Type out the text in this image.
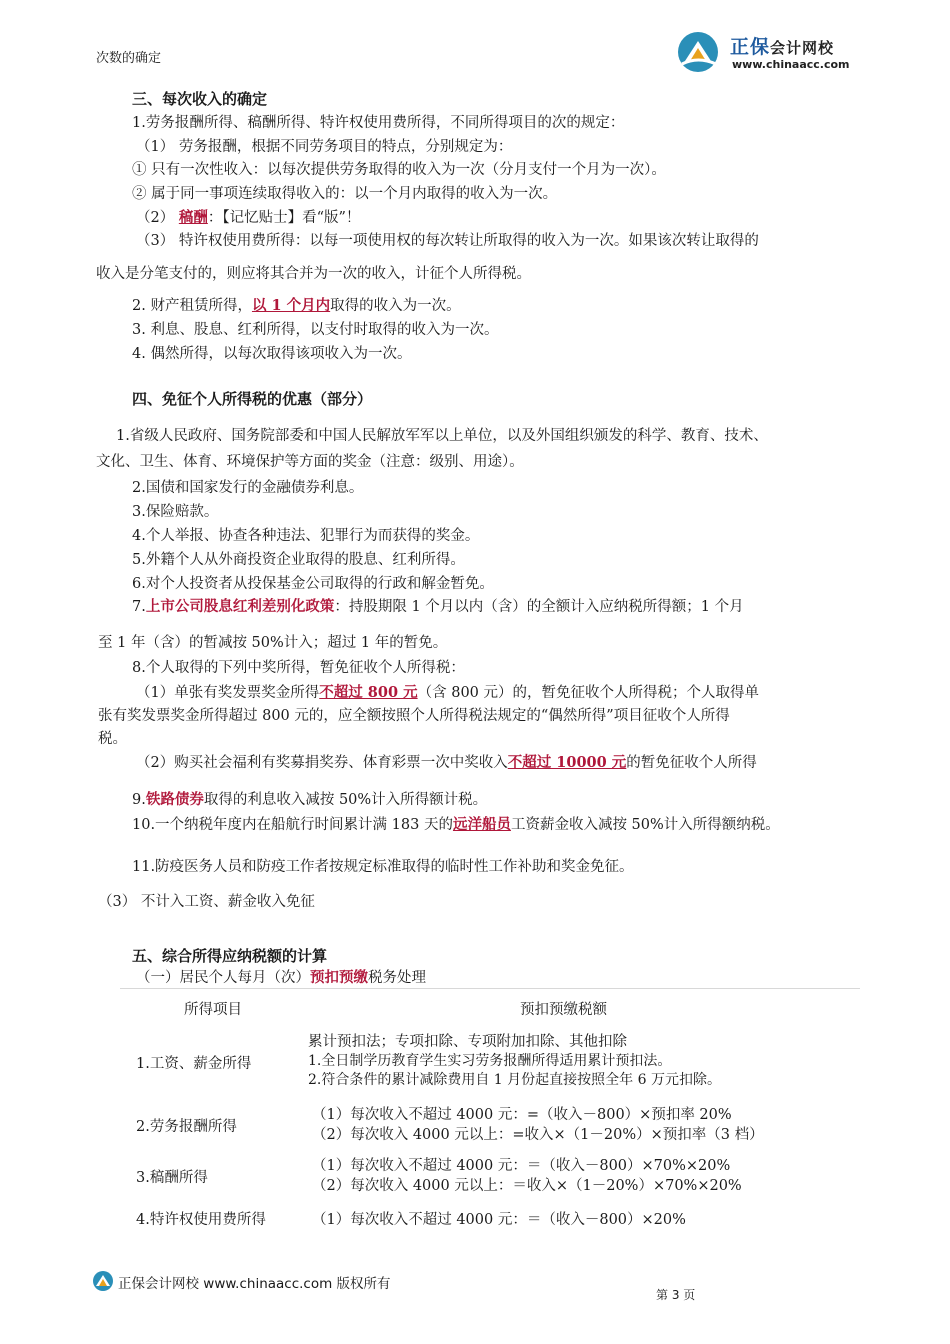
正保会计网校
www.chinaacc.com
次数的确定
三、每次收入的确定
1.劳务报酬所得、稿酬所得、特许权使用费所得，不同所得项目的次的规定：
（1） 劳务报酬，根据不同劳务项目的特点，分别规定为：
① 只有一次性收入：以每次提供劳务取得的收入为一次（分月支付一个月为一次）。
② 属于同一事项连续取得收入的：以一个月内取得的收入为一次。
（2） 稿酬：【记忆贴士】看“版”！
（3） 特许权使用费所得：以每一项使用权的每次转让所取得的收入为一次。如果该次转让取得的
收入是分笔支付的，则应将其合并为一次的收入，计征个人所得税。
2. 财产租赁所得，以 1 个月内取得的收入为一次。
3. 利息、股息、红利所得，以支付时取得的收入为一次。
4. 偶然所得，以每次取得该项收入为一次。
四、免征个人所得税的优惠（部分）
1.省级人民政府、国务院部委和中国人民解放军军以上单位，以及外国组织颁发的科学、教育、技术、
文化、卫生、体育、环境保护等方面的奖金（注意：级别、用途）。
2.国债和国家发行的金融债券利息。
3.保险赔款。
4.个人举报、协查各种违法、犯罪行为而获得的奖金。
5.外籍个人从外商投资企业取得的股息、红利所得。
6.对个人投资者从投保基金公司取得的行政和解金暂免。
7.上市公司股息红利差别化政策：持股期限 1 个月以内（含）的全额计入应纳税所得额；1 个月
至 1 年（含）的暂减按 50%计入；超过 1 年的暂免。
8.个人取得的下列中奖所得，暂免征收个人所得税：
（1）单张有奖发票奖金所得不超过 800 元（含 800 元）的，暂免征收个人所得税；个人取得单
张有奖发票奖金所得超过 800 元的，应全额按照个人所得税法规定的“偶然所得”项目征收个人所得
税。
（2）购买社会福利有奖募捐奖券、体育彩票一次中奖收入不超过 10000 元的暂免征收个人所得
9.铁路债券取得的利息收入减按 50%计入所得额计税。
10.一个纳税年度内在船航行时间累计满 183 天的远洋船员工资薪金收入减按 50%计入所得额纳税。
11.防疫医务人员和防疫工作者按规定标准取得的临时性工作补助和奖金免征。
（3） 不计入工资、薪金收入免征
五、综合所得应纳税额的计算
（一）居民个人每月（次）预扣预缴税务处理
所得项目	预扣预缴税额
1.工资、薪金所得
累计预扣法；专项扣除、专项附加扣除、其他扣除
1.全日制学历教育学生实习劳务报酬所得适用累计预扣法。
2.符合条件的累计减除费用自 1 月份起直接按照全年 6 万元扣除。
2.劳务报酬所得
（1）每次收入不超过 4000 元：=（收入－800）×预扣率 20%
（2）每次收入 4000 元以上：=收入×（1－20%）×预扣率（3 档）
3.稿酬所得
（1）每次收入不超过 4000 元：＝（收入－800）×70%×20%
（2）每次收入 4000 元以上：＝收入×（1－20%）×70%×20%
4.特许权使用费所得	（1）每次收入不超过 4000 元：＝（收入－800）×20%
正保会计网校 www.chinaacc.com 版权所有
第 3 页
